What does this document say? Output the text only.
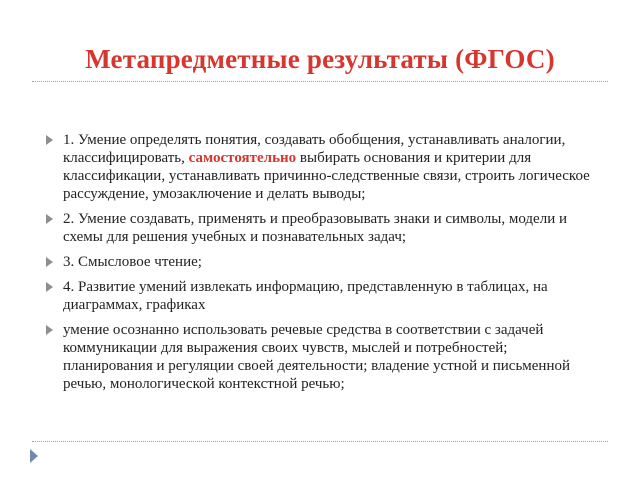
Метапредметные результаты (ФГОС)
1. Умение определять понятия, создавать обобщения, устанавливать аналогии, классифицировать, самостоятельно выбирать основания и критерии для классификации, устанавливать причинно-следственные связи, строить логическое рассуждение, умозаключение и делать выводы;
2. Умение создавать, применять и преобразовывать знаки и символы, модели и схемы для решения учебных и познавательных задач;
3. Смысловое чтение;
4. Развитие умений извлекать информацию, представленную в таблицах, на диаграммах, графиках
умение осознанно использовать речевые средства в соответствии с задачей коммуникации для выражения своих чувств, мыслей и потребностей; планирования и регуляции своей деятельности; владение устной и письменной речью, монологической контекстной речью;
